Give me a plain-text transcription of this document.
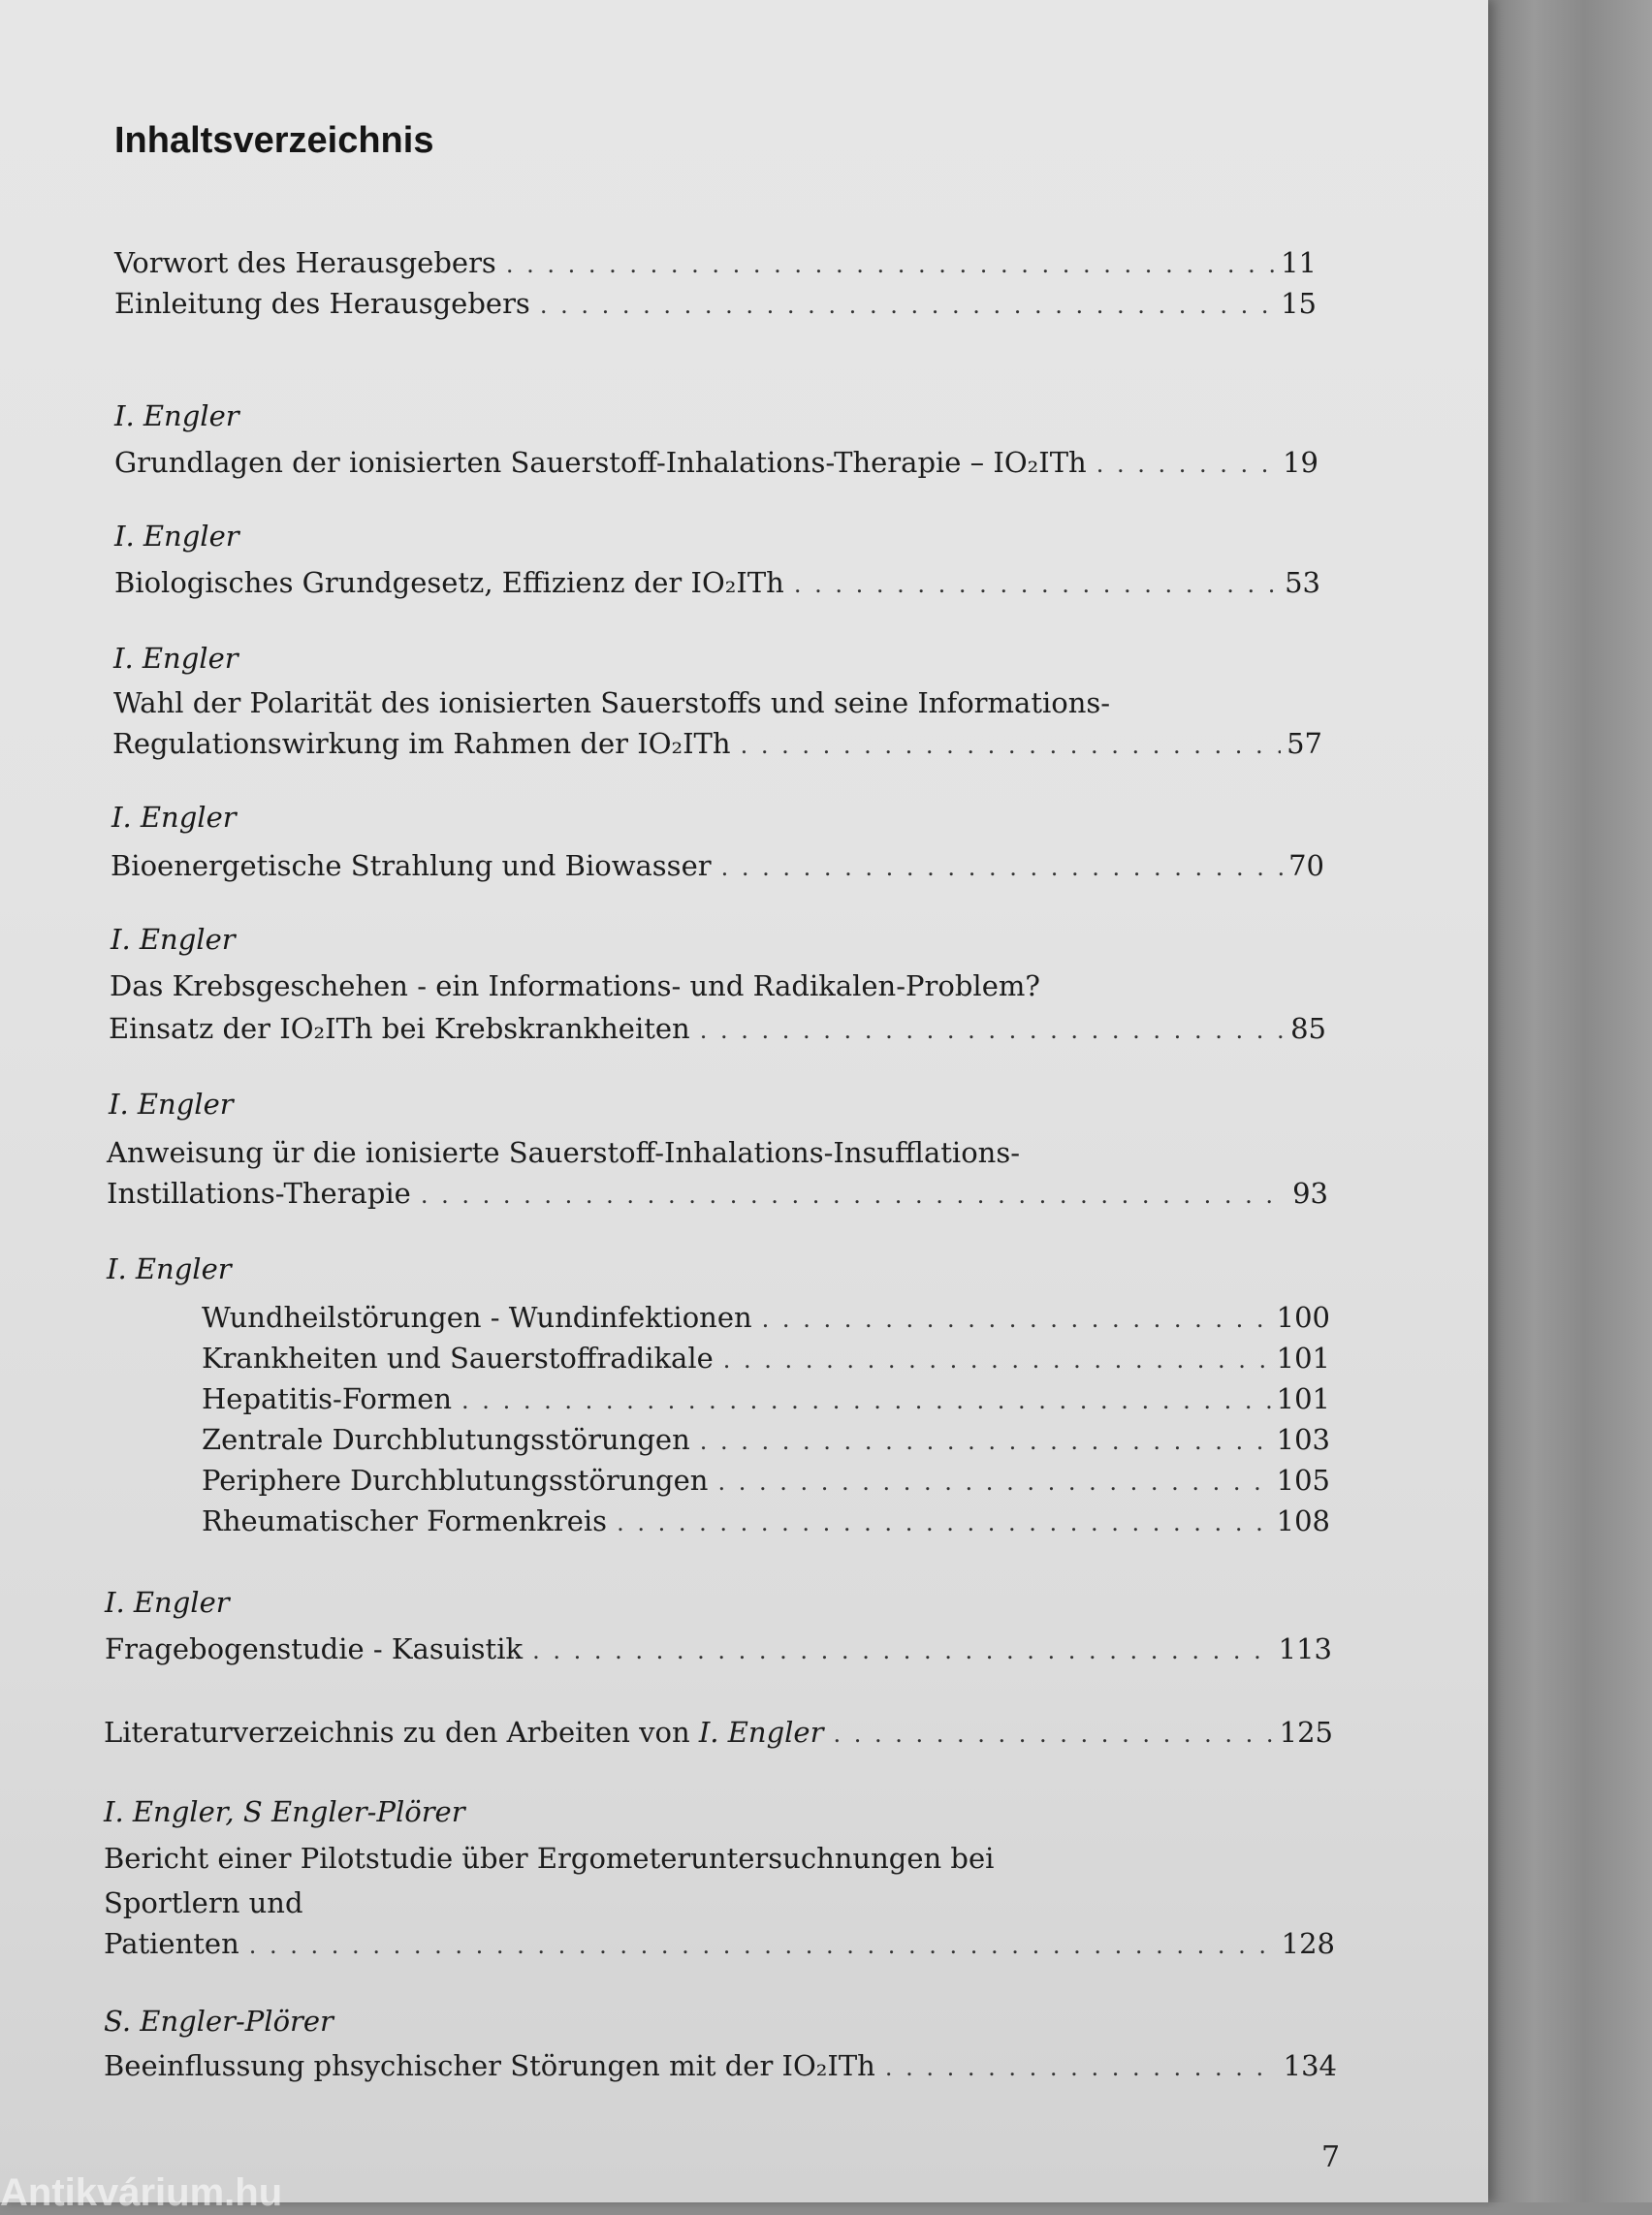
Inhaltsverzeichnis
Vorwort des Herausgebers . . .	11
Einleitung des Herausgebers . . .	15
I. Engler
Grundlagen der ionisierten Sauerstoff-Inhalations-Therapie – IO₂ITh . . .	19
I. Engler
Biologisches Grundgesetz, Effizienz der IO₂ITh . . .	53
I. Engler
Wahl der Polarität des ionisierten Sauerstoffs und seine Informations-
Regulationswirkung im Rahmen der IO₂ITh . . .	57
I. Engler
Bioenergetische Strahlung und Biowasser . . .	70
I. Engler
Das Krebsgeschehen - ein Informations- und Radikalen-Problem?
Einsatz der IO₂ITh bei Krebskrankheiten . . .	85
I. Engler
Anweisung ür die ionisierte Sauerstoff-Inhalations-Insufflations-
Instillations-Therapie . . .	93
I. Engler
Wundheilstörungen - Wundinfektionen . . .	100
Krankheiten und Sauerstoffradikale . . .	101
Hepatitis-Formen . . .	101
Zentrale Durchblutungsstörungen . . .	103
Periphere Durchblutungsstörungen . . .	105
Rheumatischer Formenkreis . . .	108
I. Engler
Fragebogenstudie - Kasuistik . . .	113
Literaturverzeichnis zu den Arbeiten von I. Engler . . .	125
I. Engler, S Engler-Plörer
Bericht einer Pilotstudie über Ergometeruntersuchnungen bei
Sportlern und
Patienten . . .	128
S. Engler-Plörer
Beeinflussung phsychischer Störungen mit der IO₂ITh . . .	134
7
Antikvárium.hu
